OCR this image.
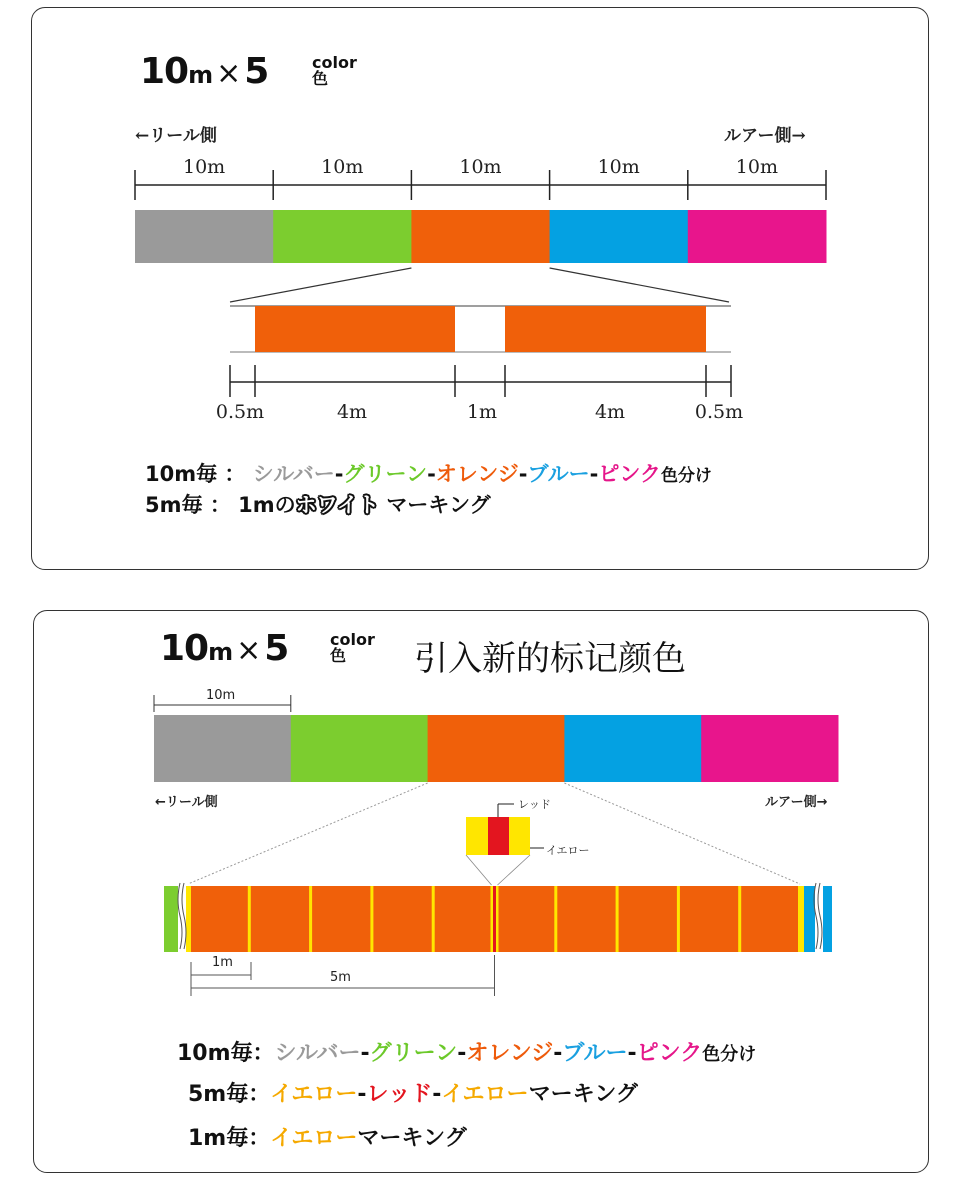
10m × 5	color
色
←リール側	ルアー側→
10m	10m	10m	10m	10m
0.5m	4m	1m	4m	0.5m
10m毎 ： シルバー-グリーン-オレンジ-ブルー-ピンク色分け
5m毎 ： 1mのホワイト マーキング
10m × 5	color
色 引入新的标记颜色
10m
←リール側	ルアー側→
レッド
イエロー
1m
5m
10m毎：シルバー-グリーン-オレンジ-ブルー-ピンク色分け
5m毎：イエロー-レッド-イエローマーキング
1m毎：イエローマーキング
